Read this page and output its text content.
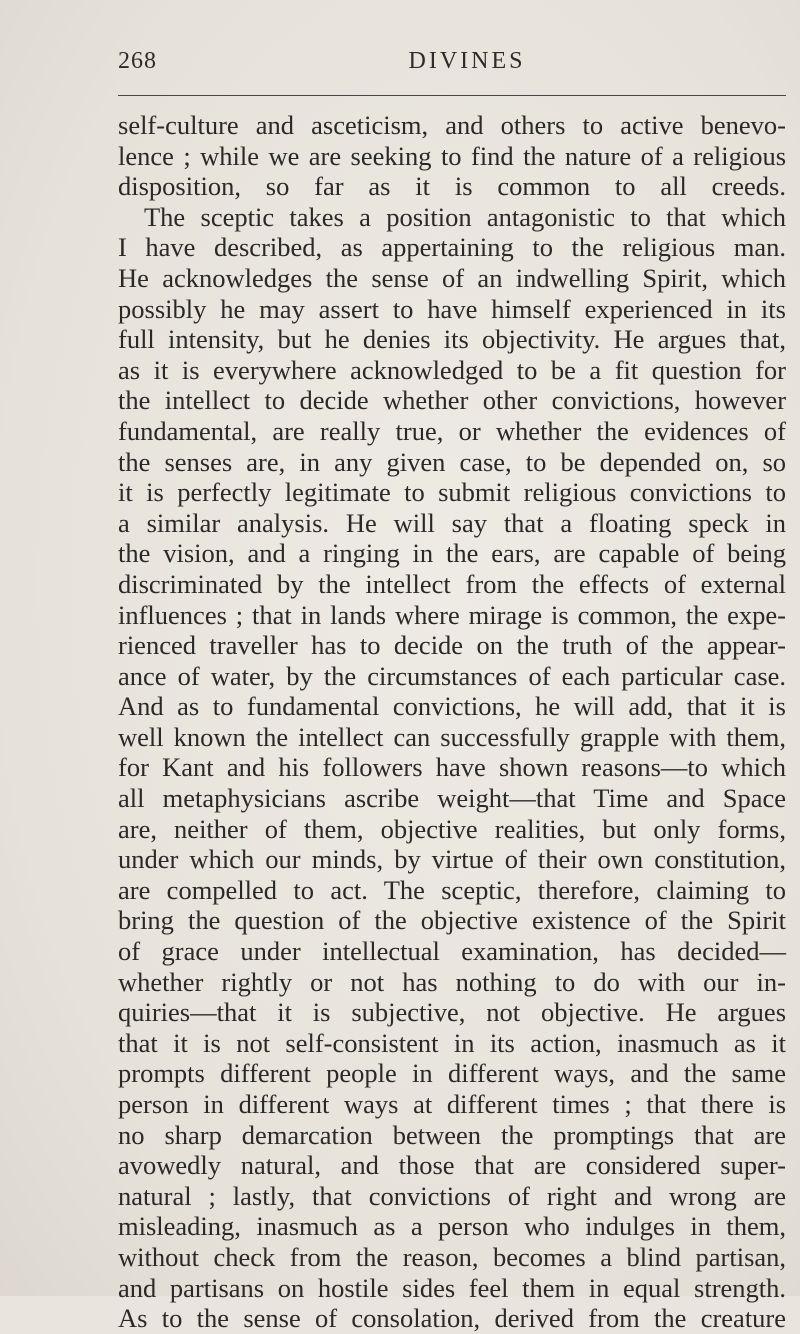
268	DIVINES
self-culture and asceticism, and others to active benevo-
lence ; while we are seeking to find the nature of a religious
disposition, so far as it is common to all creeds.
The sceptic takes a position antagonistic to that which
I have described, as appertaining to the religious man.
He acknowledges the sense of an indwelling Spirit, which
possibly he may assert to have himself experienced in its
full intensity, but he denies its objectivity. He argues that,
as it is everywhere acknowledged to be a fit question for
the intellect to decide whether other convictions, however
fundamental, are really true, or whether the evidences of
the senses are, in any given case, to be depended on, so
it is perfectly legitimate to submit religious convictions to
a similar analysis. He will say that a floating speck in
the vision, and a ringing in the ears, are capable of being
discriminated by the intellect from the effects of external
influences ; that in lands where mirage is common, the expe-
rienced traveller has to decide on the truth of the appear-
ance of water, by the circumstances of each particular case.
And as to fundamental convictions, he will add, that it is
well known the intellect can successfully grapple with them,
for Kant and his followers have shown reasons—to which
all metaphysicians ascribe weight—that Time and Space
are, neither of them, objective realities, but only forms,
under which our minds, by virtue of their own constitution,
are compelled to act. The sceptic, therefore, claiming to
bring the question of the objective existence of the Spirit
of grace under intellectual examination, has decided—
whether rightly or not has nothing to do with our in-
quiries—that it is subjective, not objective. He argues
that it is not self-consistent in its action, inasmuch as it
prompts different people in different ways, and the same
person in different ways at different times ; that there is
no sharp demarcation between the promptings that are
avowedly natural, and those that are considered super-
natural ; lastly, that convictions of right and wrong are
misleading, inasmuch as a person who indulges in them,
without check from the reason, becomes a blind partisan,
and partisans on hostile sides feel them in equal strength.
As to the sense of consolation, derived from the creature
